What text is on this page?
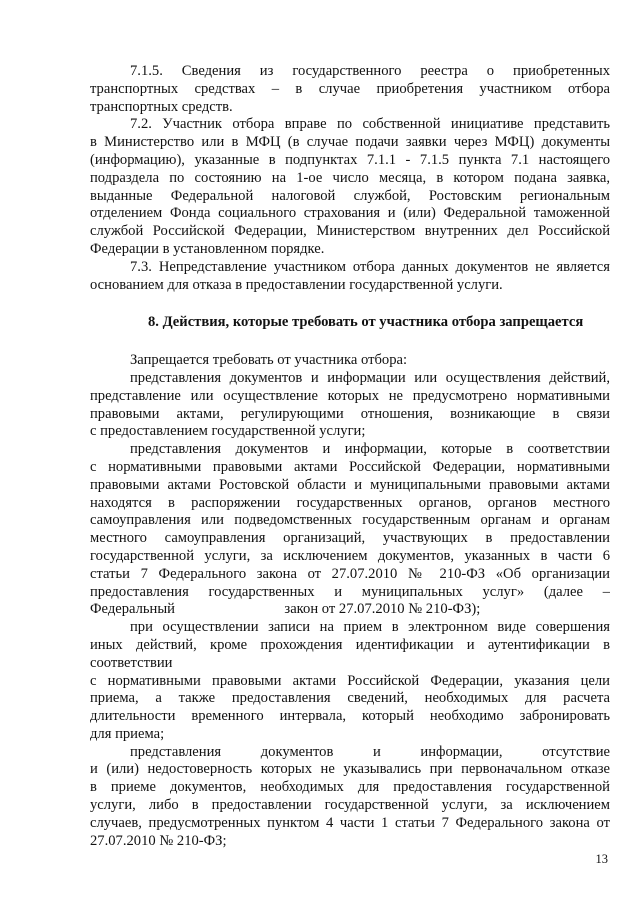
7.1.5. Сведения из государственного реестра о приобретенных
транспортных средствах – в случае приобретения участником отбора
транспортных средств.
7.2. Участник отбора вправе по собственной инициативе представить
в Министерство или в МФЦ (в случае подачи заявки через МФЦ) документы
(информацию), указанные в подпунктах 7.1.1 - 7.1.5 пункта 7.1 настоящего
подраздела по состоянию на 1-ое число месяца, в котором подана заявка,
выданные Федеральной налоговой службой, Ростовским региональным
отделением Фонда социального страхования и (или) Федеральной таможенной
службой Российской Федерации, Министерством внутренних дел Российской
Федерации в установленном порядке.
7.3. Непредставление участником отбора данных документов не является
основанием для отказа в предоставлении государственной услуги.
8. Действия, которые требовать от участника отбора запрещается
Запрещается требовать от участника отбора:
представления документов и информации или осуществления действий,
представление или осуществление которых не предусмотрено нормативными
правовыми актами, регулирующими отношения, возникающие в связи
с предоставлением государственной услуги;
представления документов и информации, которые в соответствии
с нормативными правовыми актами Российской Федерации, нормативными
правовыми актами Ростовской области и муниципальными правовыми актами
находятся в распоряжении государственных органов, органов местного
самоуправления или подведомственных государственным органам и органам
местного самоуправления организаций, участвующих в предоставлении
государственной услуги, за исключением документов, указанных в части 6
статьи 7 Федерального закона от 27.07.2010 № 210-ФЗ «Об организации
предоставления государственных и муниципальных услуг» (далее –
Федеральный                              закон от 27.07.2010 № 210-ФЗ);
при осуществлении записи на прием в электронном виде совершения
иных действий, кроме прохождения идентификации и аутентификации в
соответствии
с нормативными правовыми актами Российской Федерации, указания цели
приема, а также предоставления сведений, необходимых для расчета
длительности временного интервала, который необходимо забронировать
для приема;
представления документов и информации, отсутствие
и (или) недостоверность которых не указывались при первоначальном отказе
в приеме документов, необходимых для предоставления государственной
услуги, либо в предоставлении государственной услуги, за исключением
случаев, предусмотренных пунктом 4 части 1 статьи 7 Федерального закона от
27.07.2010 № 210-ФЗ;
13
